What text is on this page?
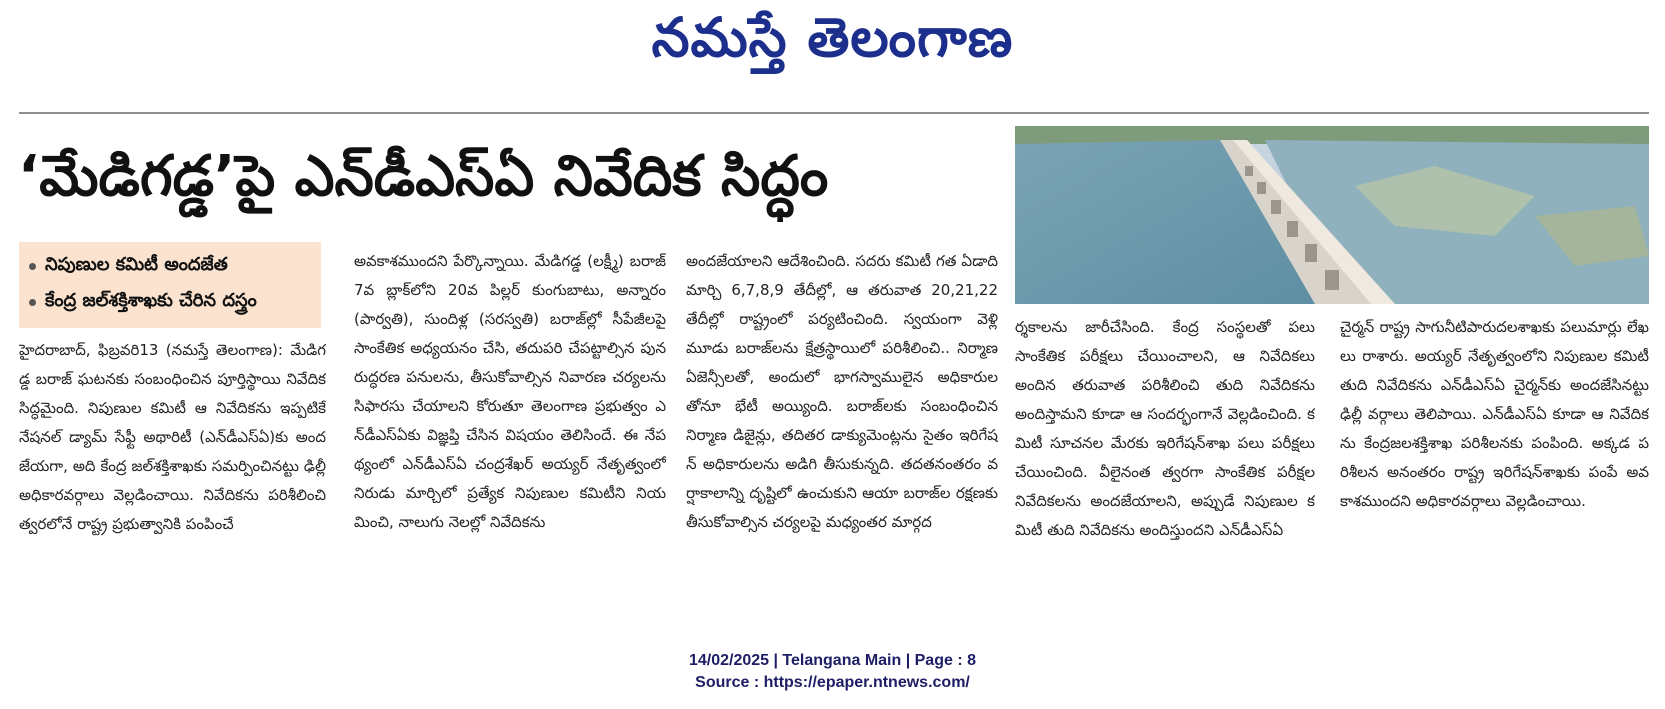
నమస్తే తెలంగాణ
‘మేడిగడ్డ’పై ఎన్‌డీఎస్‌ఏ నివేదిక సిద్ధం
నిపుణుల కమిటీ అందజేత
కేంద్ర జల్‌శక్తిశాఖకు చేరిన దస్త్రం
హైదరాబాద్‌, ఫిబ్రవరి13 (నమస్తే తెలంగాణ): మేడిగడ్డ బరాజ్‌ ఘటనకు సంబంధించిన పూర్తిస్థాయి నివేదిక సిద్ధమైంది. నిపుణుల కమిటీ ఆ నివేదికను ఇప్పటికే నేషనల్‌ డ్యామ్‌ సేఫ్టీ అథారిటీ (ఎన్‌డీఎస్‌ఏ)కు అందజేయగా, అది కేంద్ర జల్‌శక్తిశాఖకు సమర్పించినట్టు ఢిల్లీ అధికారవర్గాలు వెల్లడించాయి. నివేదికను పరిశీలించి త్వరలోనే రాష్ట్ర ప్రభుత్వానికి పంపించే
అవకాశముందని పేర్కొన్నాయి. మేడిగడ్డ (లక్ష్మీ) బరాజ్‌ 7వ బ్లాక్‌లోని 20వ పిల్లర్‌ కుంగుబాటు, అన్నారం (పార్వతి), సుందిళ్ల (సరస్వతి) బరాజ్‌ల్లో సీపేజీలపై సాంకేతిక అధ్యయనం చేసి, తదుపరి చేపట్టాల్సిన పునరుద్ధరణ పనులను, తీసుకోవాల్సిన నివారణ చర్యలను సిఫారసు చేయాలని కోరుతూ తెలంగాణ ప్రభుత్వం ఎన్‌డీఎస్‌ఏకు విజ్ఞప్తి చేసిన విషయం తెలిసిందే. ఈ నేపథ్యంలో ఎన్‌డీఎస్‌ఏ చంద్రశేఖర్‌ అయ్యర్‌ నేతృత్వంలో నిరుడు మార్చిలో ప్రత్యేక నిపుణుల కమిటీని నియమించి, నాలుగు నెలల్లో నివేదికను
అందజేయాలని ఆదేశించింది. సదరు కమిటీ గత ఏడాది మార్చి 6,7,8,9 తేదీల్లో, ఆ తరువాత 20,21,22 తేదీల్లో రాష్ట్రంలో పర్యటించింది. స్వయంగా వెళ్లి మూడు బరాజ్‌లను క్షేత్రస్థాయిలో పరిశీలించి.. నిర్మాణ ఏజెన్సీలతో, అందులో భాగస్వాములైన అధికారులతోనూ భేటీ అయ్యింది. బరాజ్‌లకు సంబంధించిన నిర్మాణ డిజైన్లు, తదితర డాక్యుమెంట్లను సైతం ఇరిగేషన్‌ అధికారులను అడిగి తీసుకున్నది. తదతనంతరం వర్షాకాలాన్ని దృష్టిలో ఉంచుకుని ఆయా బరాజ్‌ల రక్షణకు తీసుకోవాల్సిన చర్యలపై మధ్యంతర మార్గద
ర్శకాలను జారీచేసింది. కేంద్ర సంస్థలతో పలు సాంకేతిక పరీక్షలు చేయించాలని, ఆ నివేదికలు అందిన తరువాత పరిశీలించి తుది నివేదికను అందిస్తామని కూడా ఆ సందర్భంగానే వెల్లడించింది. కమిటీ సూచనల మేరకు ఇరిగేషన్‌శాఖ పలు పరీక్షలు చేయించింది. వీలైనంత త్వరగా సాంకేతిక పరీక్షల నివేదికలను అందజేయాలని, అప్పుడే నిపుణుల కమిటీ తుది నివేదికను అందిస్తుందని ఎన్‌డీఎస్‌ఏ
చైర్మన్‌ రాష్ట్ర సాగునీటిపారుదలశాఖకు పలుమార్లు లేఖలు రాశారు. అయ్యర్‌ నేతృత్వంలోని నిపుణుల కమిటీ తుది నివేదికను ఎన్‌డీఎస్‌ఏ చైర్మన్‌కు అందజేసినట్టు ఢిల్లీ వర్గాలు తెలిపాయి. ఎన్‌డీఎస్‌ఏ కూడా ఆ నివేదికను కేంద్రజలశక్తిశాఖ పరిశీలనకు పంపింది. అక్కడ పరిశీలన అనంతరం రాష్ట్ర ఇరిగేషన్‌శాఖకు పంపే అవకాశముందని అధికారవర్గాలు వెల్లడించాయి.
14/02/2025 | Telangana Main | Page : 8
Source : https://epaper.ntnews.com/
